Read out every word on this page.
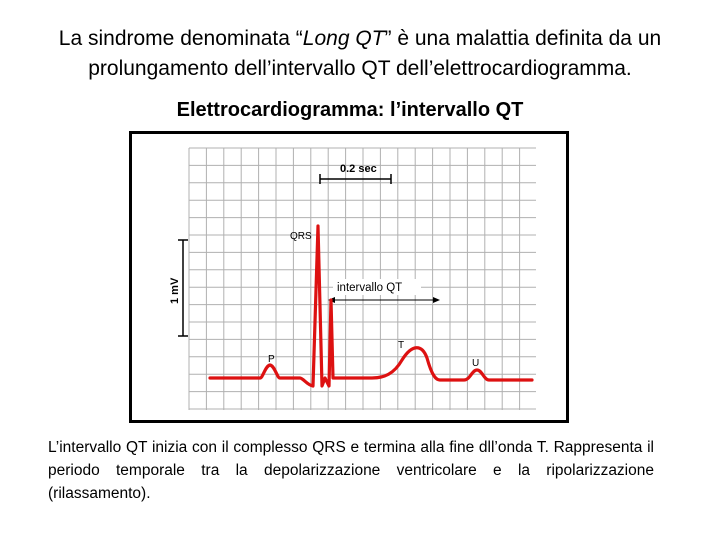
La sindrome denominata “Long QT” è una malattia definita da un prolungamento dell’intervallo QT dell’elettrocardiogramma.
Elettrocardiogramma: l’intervallo QT
0.2 sec
1 mV
QRS
P
T
U
intervallo QT
L’intervallo QT inizia con il complesso QRS e termina alla fine dll’onda T. Rappresenta il periodo temporale tra la depolarizzazione ventricolare e la ripolarizzazione (rilassamento).
